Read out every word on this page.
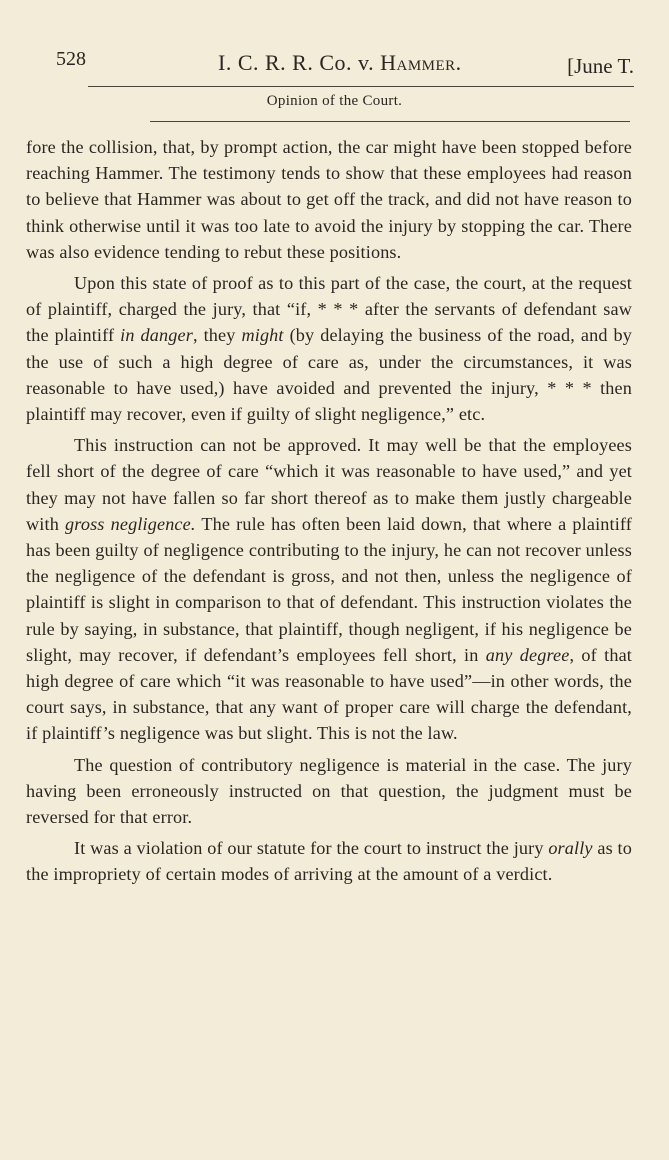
528	I. C. R. R. Co. v. Hammer.	[June T.
Opinion of the Court.

fore the collision, that, by prompt action, the car might have been stopped before reaching Hammer. The testimony tends to show that these employees had reason to believe that Hammer was about to get off the track, and did not have reason to think otherwise until it was too late to avoid the injury by stopping the car. There was also evidence tending to rebut these positions.

Upon this state of proof as to this part of the case, the court, at the request of plaintiff, charged the jury, that “if, * * * after the servants of defendant saw the plaintiff in danger, they might (by delaying the business of the road, and by the use of such a high degree of care as, under the circumstances, it was reasonable to have used,) have avoided and prevented the injury, * * * then plaintiff may recover, even if guilty of slight negligence,” etc.

This instruction can not be approved. It may well be that the employees fell short of the degree of care “which it was reasonable to have used,” and yet they may not have fallen so far short thereof as to make them justly chargeable with gross negligence. The rule has often been laid down, that where a plaintiff has been guilty of negligence contributing to the injury, he can not recover unless the negligence of the defendant is gross, and not then, unless the negligence of plaintiff is slight in comparison to that of defendant. This instruction violates the rule by saying, in substance, that plaintiff, though negligent, if his negligence be slight, may recover, if defendant’s employees fell short, in any degree, of that high degree of care which “it was reasonable to have used”—in other words, the court says, in substance, that any want of proper care will charge the defendant, if plaintiff’s negligence was but slight. This is not the law.

The question of contributory negligence is material in the case. The jury having been erroneously instructed on that question, the judgment must be reversed for that error.

It was a violation of our statute for the court to instruct the jury orally as to the impropriety of certain modes of arriving at the amount of a verdict.
